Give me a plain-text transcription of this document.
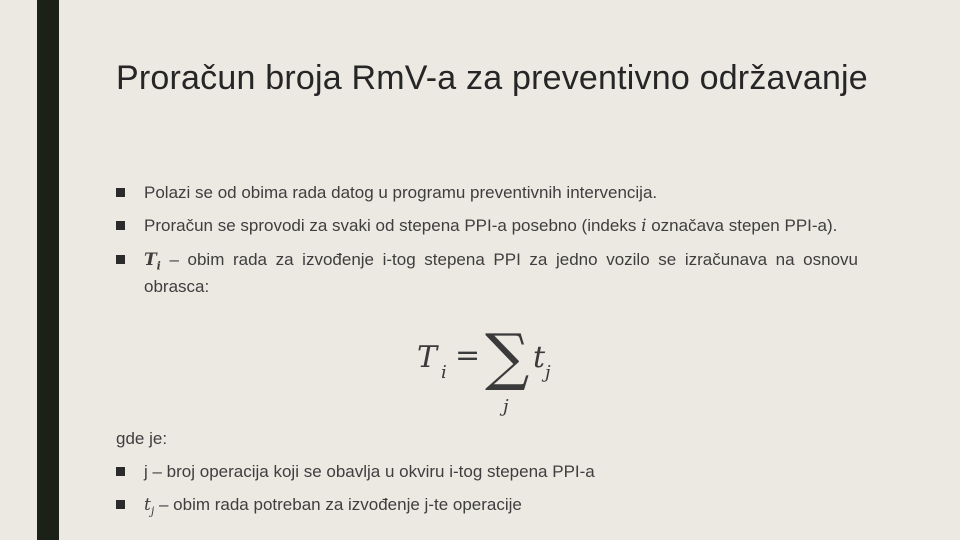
Proračun broja RmV-a za preventivno održavanje
Polazi se od obima rada datog u programu preventivnih intervencija.
Proračun se sprovodi za svaki od stepena PPI-a posebno (indeks i označava stepen PPI-a).
$T_i$ – obim rada za izvođenje i-tog stepena PPI za jedno vozilo se izračunava na osnovu obrasca:
T i = ∑ t j
j
gde je:
j – broj operacija koji se obavlja u okviru i-tog stepena PPI-a
$t_j$ – obim rada potreban za izvođenje j-te operacije
